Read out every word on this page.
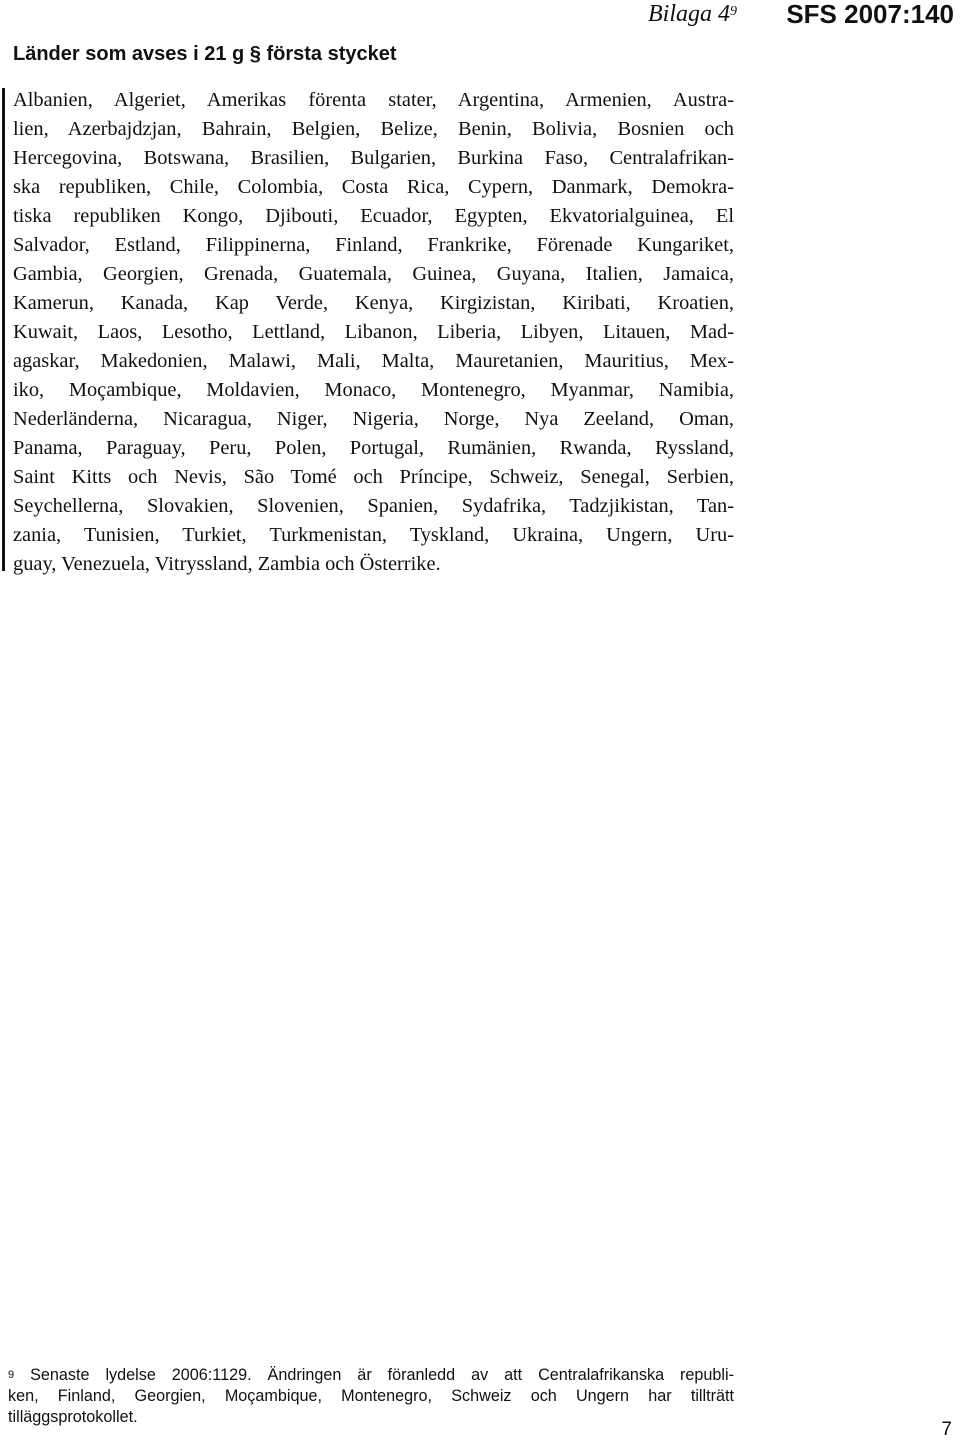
Bilaga $4^9$ SFS 2007:140
Länder som avses i 21 g § första stycket
Albanien, Algeriet, Amerikas förenta stater, Argentina, Armenien, Austra-
lien, Azerbajdzjan, Bahrain, Belgien, Belize, Benin, Bolivia, Bosnien och
Hercegovina, Botswana, Brasilien, Bulgarien, Burkina Faso, Centralafrikan-
ska republiken, Chile, Colombia, Costa Rica, Cypern, Danmark, Demokra-
tiska republiken Kongo, Djibouti, Ecuador, Egypten, Ekvatorialguinea, El
Salvador, Estland, Filippinerna, Finland, Frankrike, Förenade Kungariket,
Gambia, Georgien, Grenada, Guatemala, Guinea, Guyana, Italien, Jamaica,
Kamerun, Kanada, Kap Verde, Kenya, Kirgizistan, Kiribati, Kroatien,
Kuwait, Laos, Lesotho, Lettland, Libanon, Liberia, Libyen, Litauen, Mad-
agaskar, Makedonien, Malawi, Mali, Malta, Mauretanien, Mauritius, Mex-
iko, Moçambique, Moldavien, Monaco, Montenegro, Myanmar, Namibia,
Nederländerna, Nicaragua, Niger, Nigeria, Norge, Nya Zeeland, Oman,
Panama, Paraguay, Peru, Polen, Portugal, Rumänien, Rwanda, Ryssland,
Saint Kitts och Nevis, São Tomé och Príncipe, Schweiz, Senegal, Serbien,
Seychellerna, Slovakien, Slovenien, Spanien, Sydafrika, Tadzjikistan, Tan-
zania, Tunisien, Turkiet, Turkmenistan, Tyskland, Ukraina, Ungern, Uru-
guay, Venezuela, Vitryssland, Zambia och Österrike.
$^9$ Senaste lydelse 2006:1129. Ändringen är föranledd av att Centralafrikanska republi-
ken, Finland, Georgien, Moçambique, Montenegro, Schweiz och Ungern har tillträtt
tilläggsprotokollet.
7
